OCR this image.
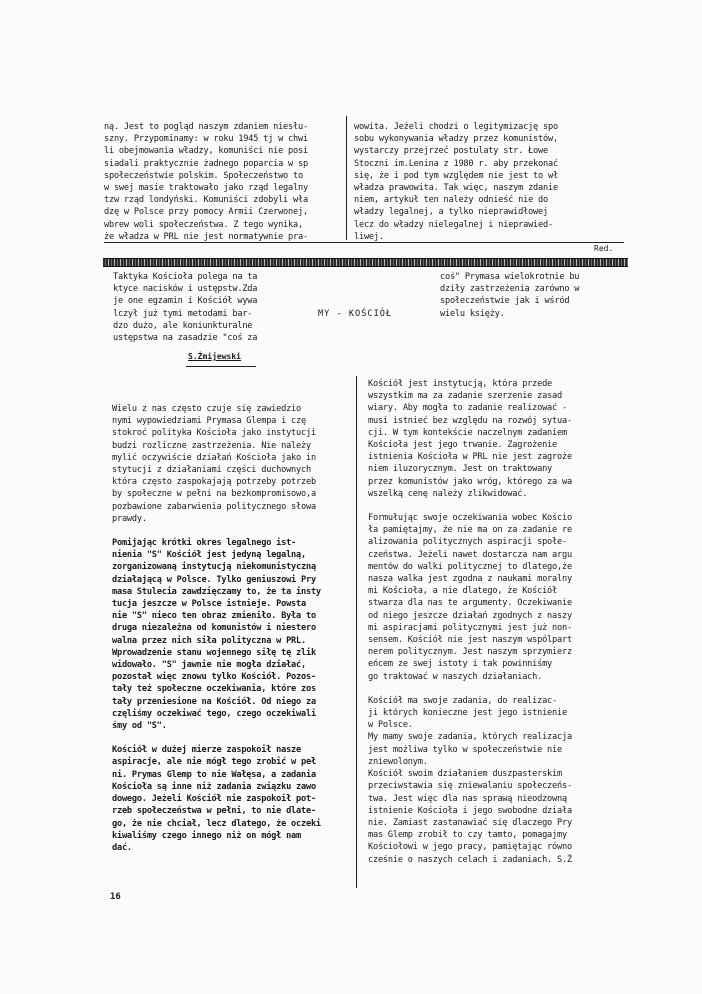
ną. Jest to pogląd naszym zdaniem niesłu-
szny. Przypominamy: w roku 1945 tj w chwi
li obejmowania władzy, komuniści nie posi
siadali praktycznie żadnego poparcia w sp
społeczeństwie polskim. Społeczeństwo to
w swej masie traktowało jako rząd legalny
tzw rząd londyński. Komuniści zdobyli wła
dzę w Polsce przy pomocy Armii Czerwonej,
wbrew woli społeczeństwa. Z tego wynika,
że władza w PRL nie jest normatywnie pra-
wowita. Jeżeli chodzi o legitymizację spo
sobu wykonywania władzy przez komunistów,
wystarczy przejrzeć postulaty str. Łowe
Stoczni im.Lenina z 1980 r. aby przekonać
się, że i pod tym względem nie jest to wł
władza prawowita. Tak więc, naszym zdanie
niem, artykuł ten należy odnieść nie do
władzy legalnej, a tylko nieprawidłowej
lecz do władzy nielegalnej i nieprawied-
liwej.
Red.
Taktyka Kościoła polega na ta
ktyce nacisków i ustępstw.Zda
je one egzamin i Kościół wywa
lczył już tymi metodami bar-
dzo dużo, ale koniunkturalne
ustępstwa na zasadzie "coś za
MY - KOŚCIÓŁ
coś" Prymasa wielokrotnie bu
dziły zastrzeżenia zarówno w
społeczeństwie jak i wśród
wielu księży.
S.Żmijewski
Wielu z nas często czuje się zawiedzio
nymi wypowiedziami Prymasa Glempa i czę
stokroć polityka Kościoła jako instytucji
budzi rozliczne zastrzeżenia. Nie należy
mylić oczywiście działań Kościoła jako in
stytucji z działaniami części duchownych
która często zaspokajają potrzeby potrzeb
by społeczne w pełni na bezkompromisowo,a
pozbawione zabarwienia politycznego słowa
prawdy.
Pomijając krótki okres legalnego ist-
nienia "S" Kościół jest jedyną legalną,
zorganizowaną instytucją niekomunistyczną
działającą w Polsce. Tylko geniuszowi Pry
masa Stulecia zawdzięczamy to, że ta insty
tucja jeszcze w Polsce istnieje. Powsta
nie "S" nieco ten obraz zmieniło. Była to
druga niezależna od komunistów i niestero
walna przez nich siła polityczna w PRL.
Wprowadzenie stanu wojennego siłę tę zlik
widowało. "S" jawnie nie mogła działać,
pozostał więc znowu tylko Kościół. Pozos-
tały też społeczne oczekiwania, które zos
tały przeniesione na Kościół. Od niego za
częliśmy oczekiwać tego, czego oczekiwali
śmy od "S".
Kościół w dużej mierze zaspokoił nasze
aspiracje, ale nie mógł tego zrobić w peł
ni. Prymas Glemp to nie Wałęsa, a zadania
Kościoła są inne niż zadania związku zawo
dowego. Jeżeli Kościół nie zaspokoił pot-
rzeb społeczeństwa w pełni, to nie dlate-
go, że nie chciał, lecz dlatego, że oczeki
kiwaliśmy czego innego niż on mógł nam
dać.
Kościół jest instytucją, która przede
wszystkim ma za zadanie szerzenie zasad
wiary. Aby mogła to zadanie realizować -
musi istnieć bez względu na rozwój sytua-
cji. W tym kontekście naczelnym zadaniem
Kościoła jest jego trwanie. Zagrożenie
istnienia Kościoła w PRL nie jest zagroże
niem iluzorycznym. Jest on traktowany
przez komunistów jako wróg, którego za wa
wszelką cenę należy zlikwidować.
Formułując swoje oczekiwania wobec Kościo
ła pamiętajmy, że nie ma on za zadanie re
alizowania politycznych aspiracji społe-
czeństwa. Jeżeli nawet dostarcza nam argu
mentów do walki politycznej to dlatego,że
nasza walka jest zgodna z naukami moralny
mi Kościoła, a nie dlatego, że Kościół
stwarza dla nas te argumenty. Oczekiwanie
od niego jeszcze działań zgodnych z naszy
mi aspiracjami politycznymi jest już non-
sensem. Kościół nie jest naszym wspólpart
nerem politycznym. Jest naszym sprzymierz
eńcem ze swej istoty i tak powinniśmy
go traktować w naszych działaniach.
Kościół ma swoje zadania, do realizac-
ji których konieczne jest jego istnienie
w Polsce.
My mamy swoje zadania, których realizacja
jest możliwa tylko w społeczeństwie nie
zniewolonym.
Kościół swoim działaniem duszpasterskim
przeciwstawia się zniewalaniu społeczeńs-
twa. Jest więc dla nas sprawą nieodzowną
istnienie Kościoła i jego swobodne działa
nie. Zamiast zastanawiać się dlaczego Pry
mas Glemp zrobił to czy tamto, pomagajmy
Kościołowi w jego pracy, pamiętając równo
cześnie o naszych celach i zadaniach. S.Ż
16
